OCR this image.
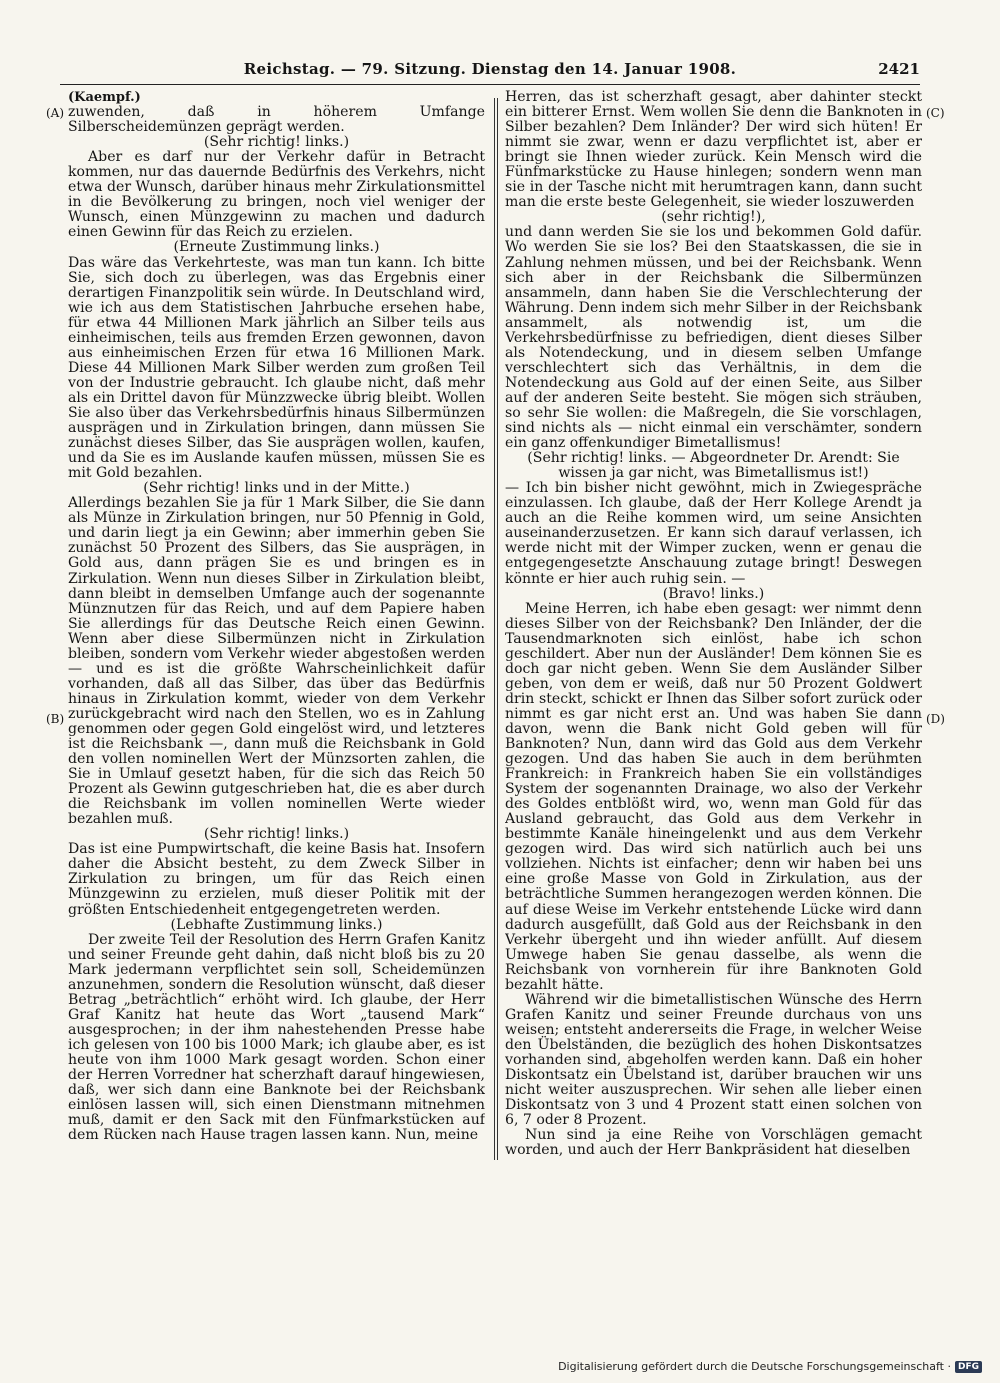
Reichstag. — 79. Sitzung. Dienstag den 14. Januar 1908.	2421
(A)
(B)
(C)
(D)

(Kaempf.)

zuwenden, daß in höherem Umfange Silberscheidemünzen geprägt werden.

(Sehr richtig! links.)

Aber es darf nur der Verkehr dafür in Betracht kommen, nur das dauernde Bedürfnis des Verkehrs, nicht etwa der Wunsch, darüber hinaus mehr Zirkulationsmittel in die Bevölkerung zu bringen, noch viel weniger der Wunsch, einen Münzgewinn zu machen und dadurch einen Gewinn für das Reich zu erzielen.

(Erneute Zustimmung links.)

Das wäre das Verkehrteste, was man tun kann. Ich bitte Sie, sich doch zu überlegen, was das Ergebnis einer derartigen Finanzpolitik sein würde. In Deutschland wird, wie ich aus dem Statistischen Jahrbuche ersehen habe, für etwa 44 Millionen Mark jährlich an Silber teils aus einheimischen, teils aus fremden Erzen gewonnen, davon aus einheimischen Erzen für etwa 16 Millionen Mark. Diese 44 Millionen Mark Silber werden zum großen Teil von der Industrie gebraucht. Ich glaube nicht, daß mehr als ein Drittel davon für Münzzwecke übrig bleibt. Wollen Sie also über das Verkehrsbedürfnis hinaus Silbermünzen ausprägen und in Zirkulation bringen, dann müssen Sie zunächst dieses Silber, das Sie ausprägen wollen, kaufen, und da Sie es im Auslande kaufen müssen, müssen Sie es mit Gold bezahlen.

(Sehr richtig! links und in der Mitte.)

Allerdings bezahlen Sie ja für 1 Mark Silber, die Sie dann als Münze in Zirkulation bringen, nur 50 Pfennig in Gold, und darin liegt ja ein Gewinn; aber immerhin geben Sie zunächst 50 Prozent des Silbers, das Sie ausprägen, in Gold aus, dann prägen Sie es und bringen es in Zirkulation. Wenn nun dieses Silber in Zirkulation bleibt, dann bleibt in demselben Umfange auch der sogenannte Münznutzen für das Reich, und auf dem Papiere haben Sie allerdings für das Deutsche Reich einen Gewinn. Wenn aber diese Silbermünzen nicht in Zirkulation bleiben, sondern vom Verkehr wieder abgestoßen werden — und es ist die größte Wahrscheinlichkeit dafür vorhanden, daß all das Silber, das über das Bedürfnis hinaus in Zirkulation kommt, wieder von dem Verkehr zurückgebracht wird nach den Stellen, wo es in Zahlung genommen oder gegen Gold eingelöst wird, und letzteres ist die Reichsbank —, dann muß die Reichsbank in Gold den vollen nominellen Wert der Münzsorten zahlen, die Sie in Umlauf gesetzt haben, für die sich das Reich 50 Prozent als Gewinn gutgeschrieben hat, die es aber durch die Reichsbank im vollen nominellen Werte wieder bezahlen muß.

(Sehr richtig! links.)

Das ist eine Pumpwirtschaft, die keine Basis hat. Insofern daher die Absicht besteht, zu dem Zweck Silber in Zirkulation zu bringen, um für das Reich einen Münzgewinn zu erzielen, muß dieser Politik mit der größten Entschiedenheit entgegengetreten werden.

(Lebhafte Zustimmung links.)

Der zweite Teil der Resolution des Herrn Grafen Kanitz und seiner Freunde geht dahin, daß nicht bloß bis zu 20 Mark jedermann verpflichtet sein soll, Scheidemünzen anzunehmen, sondern die Resolution wünscht, daß dieser Betrag „beträchtlich“ erhöht wird. Ich glaube, der Herr Graf Kanitz hat heute das Wort „tausend Mark“ ausgesprochen; in der ihm nahestehenden Presse habe ich gelesen von 100 bis 1000 Mark; ich glaube aber, es ist heute von ihm 1000 Mark gesagt worden. Schon einer der Herren Vorredner hat scherzhaft darauf hingewiesen, daß, wer sich dann eine Banknote bei der Reichsbank einlösen lassen will, sich einen Dienstmann mitnehmen muß, damit er den Sack mit den Fünfmarkstücken auf dem Rücken nach Hause tragen lassen kann. Nun, meine

Herren, das ist scherzhaft gesagt, aber dahinter steckt ein bitterer Ernst. Wem wollen Sie denn die Banknoten in Silber bezahlen? Dem Inländer? Der wird sich hüten! Er nimmt sie zwar, wenn er dazu verpflichtet ist, aber er bringt sie Ihnen wieder zurück. Kein Mensch wird die Fünfmarkstücke zu Hause hinlegen; sondern wenn man sie in der Tasche nicht mit herumtragen kann, dann sucht man die erste beste Gelegenheit, sie wieder loszuwerden

(sehr richtig!),

und dann werden Sie sie los und bekommen Gold dafür. Wo werden Sie sie los? Bei den Staatskassen, die sie in Zahlung nehmen müssen, und bei der Reichsbank. Wenn sich aber in der Reichsbank die Silbermünzen ansammeln, dann haben Sie die Verschlechterung der Währung. Denn indem sich mehr Silber in der Reichsbank ansammelt, als notwendig ist, um die Verkehrsbedürfnisse zu befriedigen, dient dieses Silber als Notendeckung, und in diesem selben Umfange verschlechtert sich das Verhältnis, in dem die Notendeckung aus Gold auf der einen Seite, aus Silber auf der anderen Seite besteht. Sie mögen sich sträuben, so sehr Sie wollen: die Maßregeln, die Sie vorschlagen, sind nichts als — nicht einmal ein verschämter, sondern ein ganz offenkundiger Bimetallismus!

(Sehr richtig! links. — Abgeordneter Dr. Arendt: Sie wissen ja gar nicht, was Bimetallismus ist!)

— Ich bin bisher nicht gewöhnt, mich in Zwiegespräche einzulassen. Ich glaube, daß der Herr Kollege Arendt ja auch an die Reihe kommen wird, um seine Ansichten auseinanderzusetzen. Er kann sich darauf verlassen, ich werde nicht mit der Wimper zucken, wenn er genau die entgegengesetzte Anschauung zutage bringt! Deswegen könnte er hier auch ruhig sein. —

(Bravo! links.)

Meine Herren, ich habe eben gesagt: wer nimmt denn dieses Silber von der Reichsbank? Den Inländer, der die Tausendmarknoten sich einlöst, habe ich schon geschildert. Aber nun der Ausländer! Dem können Sie es doch gar nicht geben. Wenn Sie dem Ausländer Silber geben, von dem er weiß, daß nur 50 Prozent Goldwert drin steckt, schickt er Ihnen das Silber sofort zurück oder nimmt es gar nicht erst an. Und was haben Sie dann davon, wenn die Bank nicht Gold geben will für Banknoten? Nun, dann wird das Gold aus dem Verkehr gezogen. Und das haben Sie auch in dem berühmten Frankreich: in Frankreich haben Sie ein vollständiges System der sogenannten Drainage, wo also der Verkehr des Goldes entblößt wird, wo, wenn man Gold für das Ausland gebraucht, das Gold aus dem Verkehr in bestimmte Kanäle hineingelenkt und aus dem Verkehr gezogen wird. Das wird sich natürlich auch bei uns vollziehen. Nichts ist einfacher; denn wir haben bei uns eine große Masse von Gold in Zirkulation, aus der beträchtliche Summen herangezogen werden können. Die auf diese Weise im Verkehr entstehende Lücke wird dann dadurch ausgefüllt, daß Gold aus der Reichsbank in den Verkehr übergeht und ihn wieder anfüllt. Auf diesem Umwege haben Sie genau dasselbe, als wenn die Reichsbank von vornherein für ihre Banknoten Gold bezahlt hätte.

Während wir die bimetallistischen Wünsche des Herrn Grafen Kanitz und seiner Freunde durchaus von uns weisen; entsteht andererseits die Frage, in welcher Weise den Übelständen, die bezüglich des hohen Diskontsatzes vorhanden sind, abgeholfen werden kann. Daß ein hoher Diskontsatz ein Übelstand ist, darüber brauchen wir uns nicht weiter auszusprechen. Wir sehen alle lieber einen Diskontsatz von 3 und 4 Prozent statt einen solchen von 6, 7 oder 8 Prozent.

Nun sind ja eine Reihe von Vorschlägen gemacht worden, und auch der Herr Bankpräsident hat dieselben

Digitalisierung gefördert durch die Deutsche Forschungsgemeinschaft · DFG
